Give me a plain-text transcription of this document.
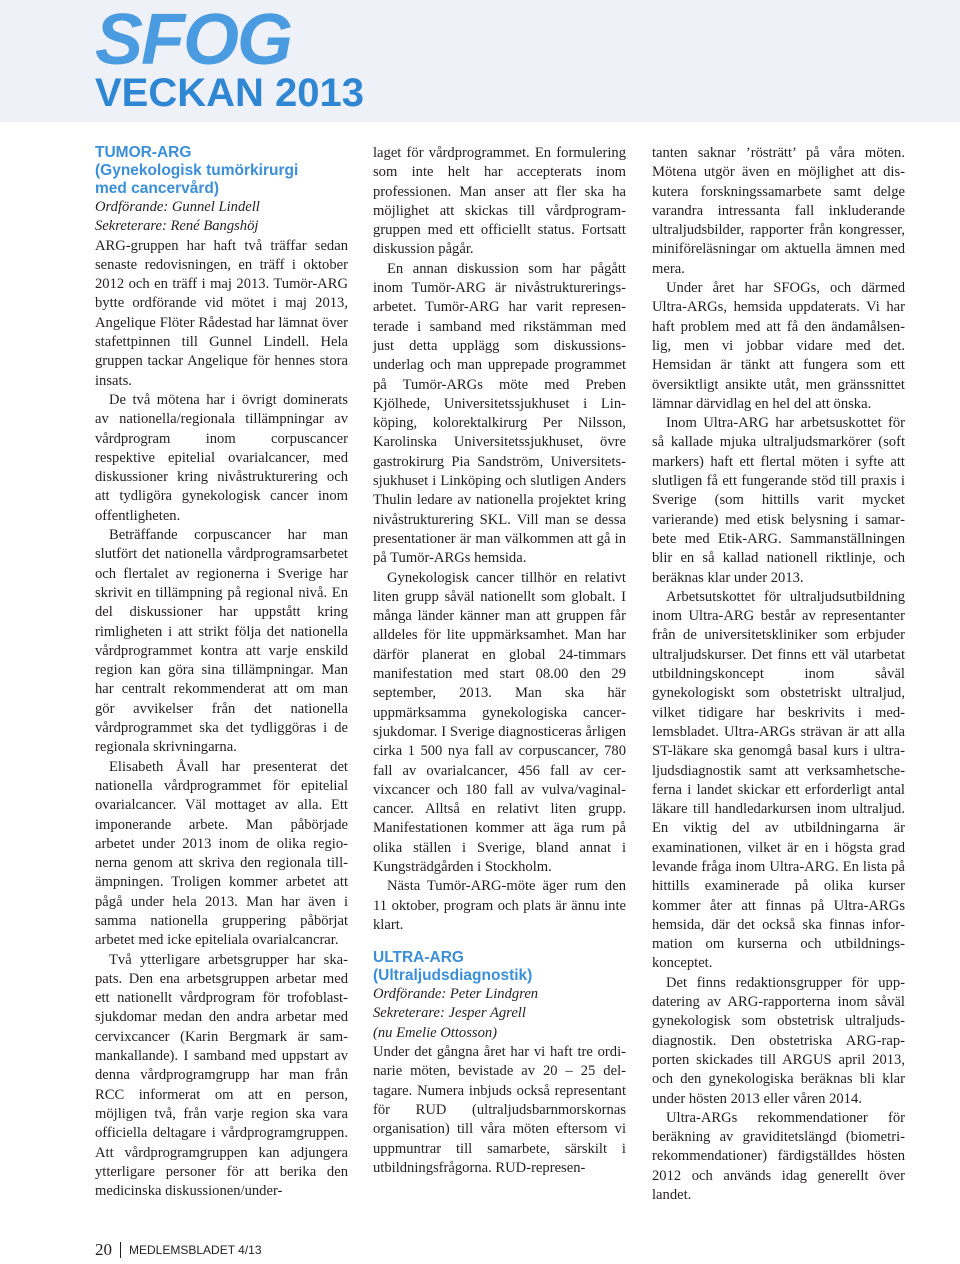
SFOG
VECKAN 2013
TUMOR-ARG
(Gynekologisk tumörkirurgi
med cancervård)

Ordförande: Gunnel Lindell

Sekreterare: René Bangshöj

ARG-gruppen har haft två träffar sedan senaste redovisningen, en träff i oktober 2012 och en träff i maj 2013. Tumör-ARG bytte ordförande vid mötet i maj 2013, Angelique Flöter Rådestad har lämnat över stafettpinnen till Gunnel Lindell. Hela gruppen tackar Angelique för hennes stora insats.

De två mötena har i övrigt dominerats av nationella/regionala tillämpningar av vårdprogram inom corpuscancer respektive epitelial ovarialcancer, med diskussioner kring nivåstrukturering och att tydligöra gynekologisk cancer inom offentligheten.

Beträffande corpuscancer har man slutfört det nationella vårdprogramsarbetet och flertalet av regionerna i Sverige har skrivit en tillämpning på regional nivå. En del diskussioner har uppstått kring rimligheten i att strikt följa det nationella vårdprogrammet kontra att varje enskild region kan göra sina tillämpningar. Man har centralt rekommenderat att om man gör avvikelser från det nationella vårdprogrammet ska det tydliggöras i de regionala skrivningarna.

Elisabeth Åvall har presenterat det nationella vårdprogrammet för epitelial ovarialcancer. Väl mottaget av alla. Ett imponerande arbete. Man påbörjade arbetet under 2013 inom de olika regionerna genom att skriva den regionala tillämpningen. Troligen kommer arbetet att pågå under hela 2013. Man har även i samma nationella gruppering påbörjat arbetet med icke epiteliala ovarialcancrar.

Två ytterligare arbetsgrupper har skapats. Den ena arbetsgruppen arbetar med ett nationellt vårdprogram för trofoblastsjukdomar medan den andra arbetar med cervixcancer (Karin Bergmark är sammankallande). I samband med uppstart av denna vårdprogramgrupp har man från RCC informerat om att en person, möjligen två, från varje region ska vara officiella deltagare i vårdprogramgruppen. Att vårdprogramgruppen kan adjungera ytterligare personer för att berika den medicinska diskussionen/under-

laget för vårdprogrammet. En formulering som inte helt har accepterats inom professionen. Man anser att fler ska ha möjlighet att skickas till vårdprogramgruppen med ett officiellt status. Fortsatt diskussion pågår.

En annan diskussion som har pågått inom Tumör-ARG är nivåstruktureringsarbetet. Tumör-ARG har varit representerade i samband med rikstämman med just detta upplägg som diskussionsunderlag och man upprepade programmet på Tumör-ARGs möte med Preben Kjölhede, Universitetssjukhuset i Linköping, kolorektalkirurg Per Nilsson, Karolinska Universitetssjukhuset, övre gastrokirurg Pia Sandström, Universitetssjukhuset i Linköping och slutligen Anders Thulin ledare av nationella projektet kring nivåstrukturering SKL. Vill man se dessa presentationer är man välkommen att gå in på Tumör-ARGs hemsida.

Gynekologisk cancer tillhör en relativt liten grupp såväl nationellt som globalt. I många länder känner man att gruppen får alldeles för lite uppmärksamhet. Man har därför planerat en global 24-timmars manifestation med start 08.00 den 29 september, 2013. Man ska här uppmärksamma gynekologiska cancersjukdomar. I Sverige diagnosticeras årligen cirka 1 500 nya fall av corpuscancer, 780 fall av ovarialcancer, 456 fall av cervixcancer och 180 fall av vulva/vaginalcancer. Alltså en relativt liten grupp. Manifestationen kommer att äga rum på olika ställen i Sverige, bland annat i Kungsträdgården i Stockholm.

Nästa Tumör-ARG-möte äger rum den 11 oktober, program och plats är ännu inte klart.

ULTRA-ARG
(Ultraljudsdiagnostik)

Ordförande: Peter Lindgren

Sekreterare: Jesper Agrell

(nu Emelie Ottosson)

Under det gångna året har vi haft tre ordinarie möten, bevistade av 20 – 25 deltagare. Numera inbjuds också representant för RUD (ultraljudsbarnmorskornas organisation) till våra möten eftersom vi uppmuntrar till samarbete, särskilt i utbildningsfrågorna. RUD-represen-

tanten saknar ’rösträtt’ på våra möten. Mötena utgör även en möjlighet att diskutera forskningssamarbete samt delge varandra intressanta fall inkluderande ultraljudsbilder, rapporter från kongresser, miniföreläsningar om aktuella ämnen med mera.

Under året har SFOGs, och därmed Ultra-ARGs, hemsida uppdaterats. Vi har haft problem med att få den ändamålsenlig, men vi jobbar vidare med det. Hemsidan är tänkt att fungera som ett översiktligt ansikte utåt, men gränssnittet lämnar därvidlag en hel del att önska.

Inom Ultra-ARG har arbetsuskottet för så kallade mjuka ultraljudsmarkörer (soft markers) haft ett flertal möten i syfte att slutligen få ett fungerande stöd till praxis i Sverige (som hittills varit mycket varierande) med etisk belysning i samarbete med Etik-ARG. Sammanställningen blir en så kallad nationell riktlinje, och beräknas klar under 2013.

Arbetsutskottet för ultraljudsutbildning inom Ultra-ARG består av representanter från de universitetskliniker som erbjuder ultraljudskurser. Det finns ett väl utarbetat utbildningskoncept inom såväl gynekologiskt som obstetriskt ultraljud, vilket tidigare har beskrivits i medlemsbladet. Ultra-ARGs strävan är att alla ST-läkare ska genomgå basal kurs i ultraljudsdiagnostik samt att verksamhetscheferna i landet skickar ett erforderligt antal läkare till handledarkursen inom ultraljud. En viktig del av utbildningarna är examinationen, vilket är en i högsta grad levande fråga inom Ultra-ARG. En lista på hittills examinerade på olika kurser kommer åter att finnas på Ultra-ARGs hemsida, där det också ska finnas information om kurserna och utbildningskonceptet.

Det finns redaktionsgrupper för uppdatering av ARG-rapporterna inom såväl gynekologisk som obstetrisk ultraljudsdiagnostik. Den obstetriska ARG-rapporten skickades till ARGUS april 2013, och den gynekologiska beräknas bli klar under hösten 2013 eller våren 2014.

Ultra-ARGs rekommendationer för beräkning av graviditetslängd (biometrirekommendationer) färdigställdes hösten 2012 och används idag generellt över landet.

20 MEDLEMSBLADET 4/13
